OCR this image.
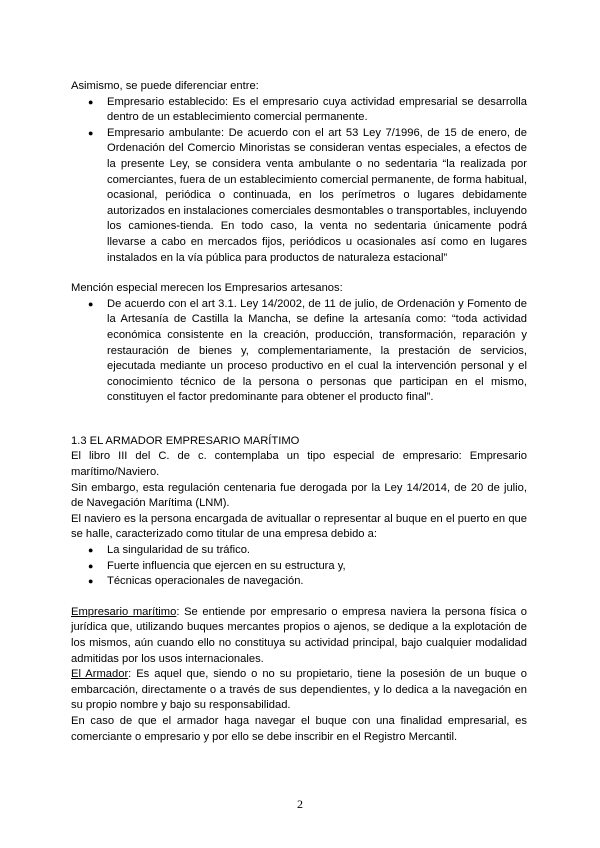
Asimismo, se puede diferenciar entre:

● Empresario establecido: Es el empresario cuya actividad empresarial se desarrolla dentro de un establecimiento comercial permanente.
● Empresario ambulante: De acuerdo con el art 53 Ley 7/1996, de 15 de enero, de Ordenación del Comercio Minoristas se consideran ventas especiales, a efectos de la presente Ley, se considera venta ambulante o no sedentaria “la realizada por comerciantes, fuera de un establecimiento comercial permanente, de forma habitual, ocasional, periódica o continuada, en los perímetros o lugares debidamente autorizados en instalaciones comerciales desmontables o transportables, incluyendo los camiones-tienda. En todo caso, la venta no sedentaria únicamente podrá llevarse a cabo en mercados fijos, periódicos u ocasionales así como en lugares instalados en la vía pública para productos de naturaleza estacional”

Mención especial merecen los Empresarios artesanos:

● De acuerdo con el art 3.1. Ley 14/2002, de 11 de julio, de Ordenación y Fomento de la Artesanía de Castilla la Mancha, se define la artesanía como: “toda actividad económica consistente en la creación, producción, transformación, reparación y restauración de bienes y, complementariamente, la prestación de servicios, ejecutada mediante un proceso productivo en el cual la intervención personal y el conocimiento técnico de la persona o personas que participan en el mismo, constituyen el factor predominante para obtener el producto final”.

1.3 EL ARMADOR EMPRESARIO MARÍTIMO

El libro III del C. de c. contemplaba un tipo especial de empresario: Empresario marítimo/Naviero.

Sin embargo, esta regulación centenaria fue derogada por la Ley 14/2014, de 20 de julio, de Navegación Marítima (LNM).

El naviero es la persona encargada de avituallar o representar al buque en el puerto en que se halle, caracterizado como titular de una empresa debido a:

● La singularidad de su tráfico.
● Fuerte influencia que ejercen en su estructura y,
● Técnicas operacionales de navegación.

Empresario marítimo: Se entiende por empresario o empresa naviera la persona física o jurídica que, utilizando buques mercantes propios o ajenos, se dedique a la explotación de los mismos, aún cuando ello no constituya su actividad principal, bajo cualquier modalidad admitidas por los usos internacionales.

El Armador: Es aquel que, siendo o no su propietario, tiene la posesión de un buque o embarcación, directamente o a través de sus dependientes, y lo dedica a la navegación en su propio nombre y bajo su responsabilidad.

En caso de que el armador haga navegar el buque con una finalidad empresarial, es comerciante o empresario y por ello se debe inscribir en el Registro Mercantil.

2
